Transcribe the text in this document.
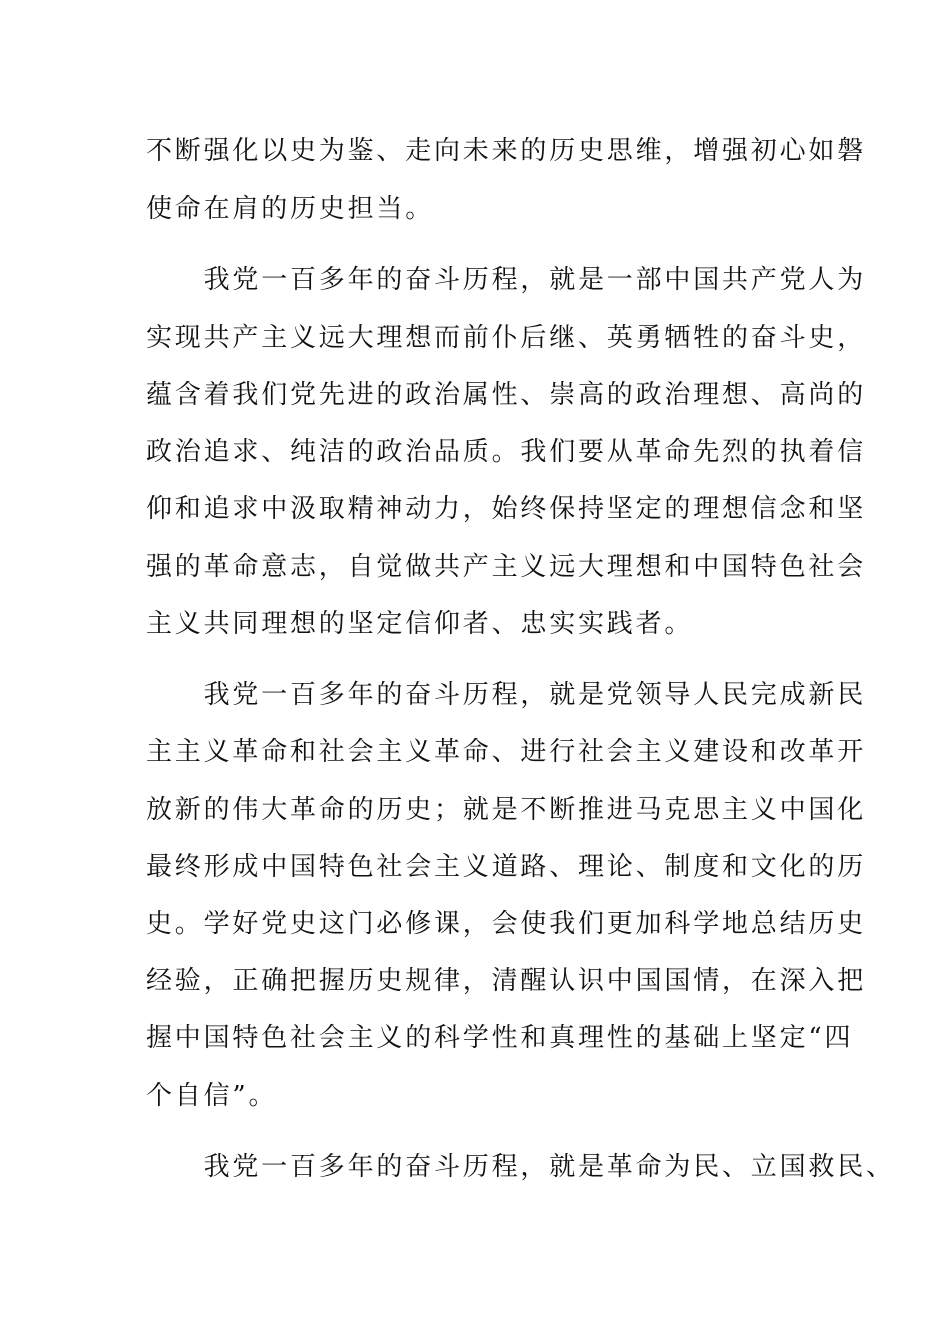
不断强化以史为鉴、走向未来的历史思维，增强初心如磐
使命在肩的历史担当。
　　我党一百多年的奋斗历程，就是一部中国共产党人为
实现共产主义远大理想而前仆后继、英勇牺牲的奋斗史，
蕴含着我们党先进的政治属性、崇高的政治理想、高尚的
政治追求、纯洁的政治品质。我们要从革命先烈的执着信
仰和追求中汲取精神动力，始终保持坚定的理想信念和坚
强的革命意志，自觉做共产主义远大理想和中国特色社会
主义共同理想的坚定信仰者、忠实实践者。
　　我党一百多年的奋斗历程，就是党领导人民完成新民
主主义革命和社会主义革命、进行社会主义建设和改革开
放新的伟大革命的历史；就是不断推进马克思主义中国化
最终形成中国特色社会主义道路、理论、制度和文化的历
史。学好党史这门必修课，会使我们更加科学地总结历史
经验，正确把握历史规律，清醒认识中国国情，在深入把
握中国特色社会主义的科学性和真理性的基础上坚定“四
个自信”。
　　我党一百多年的奋斗历程，就是革命为民、立国救民、
